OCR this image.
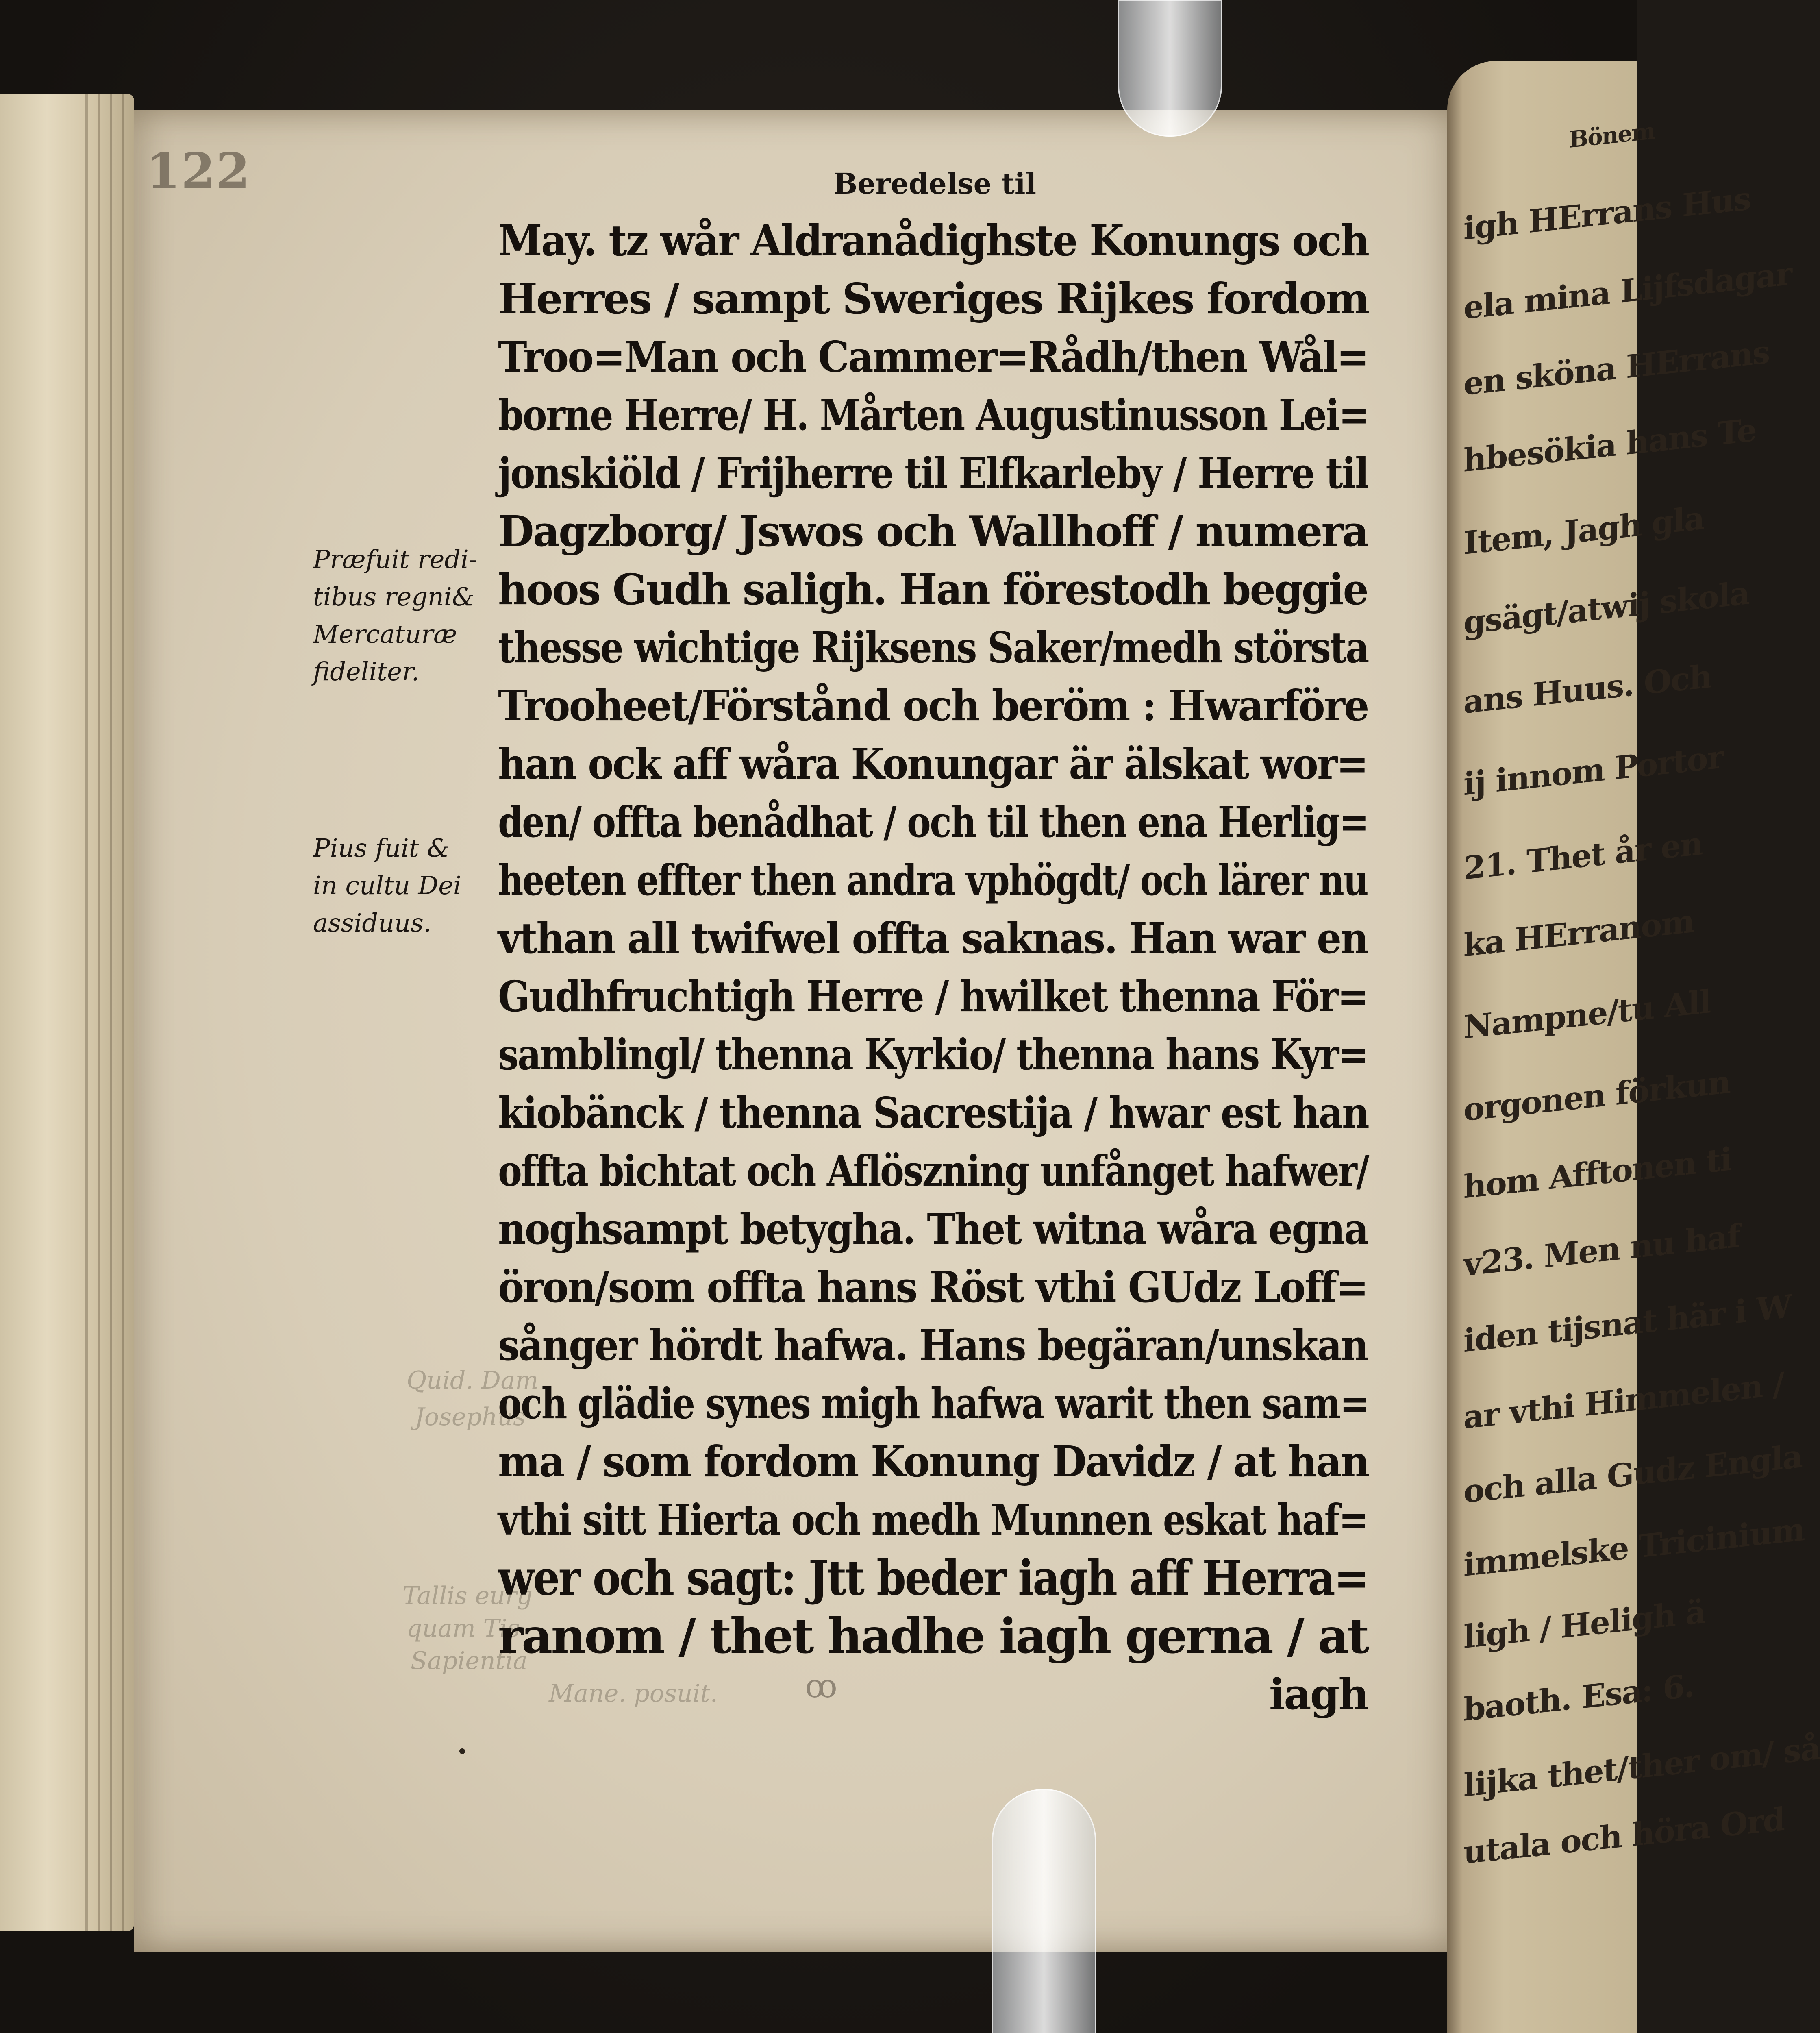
122	Beredelse til
Quid. Dam
Josephus
Tallis eurg
quam Tis
Sapientia
Mane. posuit.
Præfuit redi-
tibus regni&
Mercaturæ
fideliter.
Pius fuit &
in cultu Dei
assiduus.
May. tz wår Aldranådighste Konungs och
Herres / sampt Sweriges Rijkes fordom
Troo=Man och Cammer=Rådh/then Wål=
borne Herre/ H. Mårten Augustinusson Lei=
jonskiöld / Frijherre til Elfkarleby / Herre til
Dagzborg/ Jswos och Wallhoff / numera
hoos Gudh saligh. Han förestodh beggie
thesse wichtige Rijksens Saker/medh största
Trooheet/Förstånd och beröm : Hwarföre
han ock aff wåra Konungar är älskat wor=
den/ offta benådhat / och til then ena Herlig=
heeten effter then andra vphögdt/ och lärer nu
vthan all twifwel offta saknas. Han war en
Gudhfruchtigh Herre / hwilket thenna För=
samblingl/ thenna Kyrkio/ thenna hans Kyr=
kiobänck / thenna Sacrestija / hwar est han
offta bichtat och Aflöszning unfånget hafwer/
noghsampt betygha. Thet witna wåra egna
öron/som offta hans Röst vthi GUdz Loff=
sånger hördt hafwa. Hans begäran/unskan
och glädie synes migh hafwa warit then sam=
ma / som fordom Konung Davidz / at han
vthi sitt Hierta och medh Munnen eskat haf=
wer och sagt: Jtt beder iagh aff Herra=
ranom / thet hadhe iagh gerna / at
iagh
ꝏ
Bönem
igh HErrans Hus
ela mina Lijfsdagar
en sköna HErrans
hbesökia hans Te
Item, Jagh gla
gsägt/atwij skola
ans Huus. Och
ij innom Portor
21. Thet år en
ka HErranom
Nampne/tu All
orgonen förkun
hom Afftonen ti
v23. Men nu haf
iden tijsnat här i W
ar vthi Himmelen /
och alla Gudz Engla
immelske Tricinium
ligh / Heligh ä
baoth. Esa: 6.
lijka thet/ther om/ så
utala och höra Ord
